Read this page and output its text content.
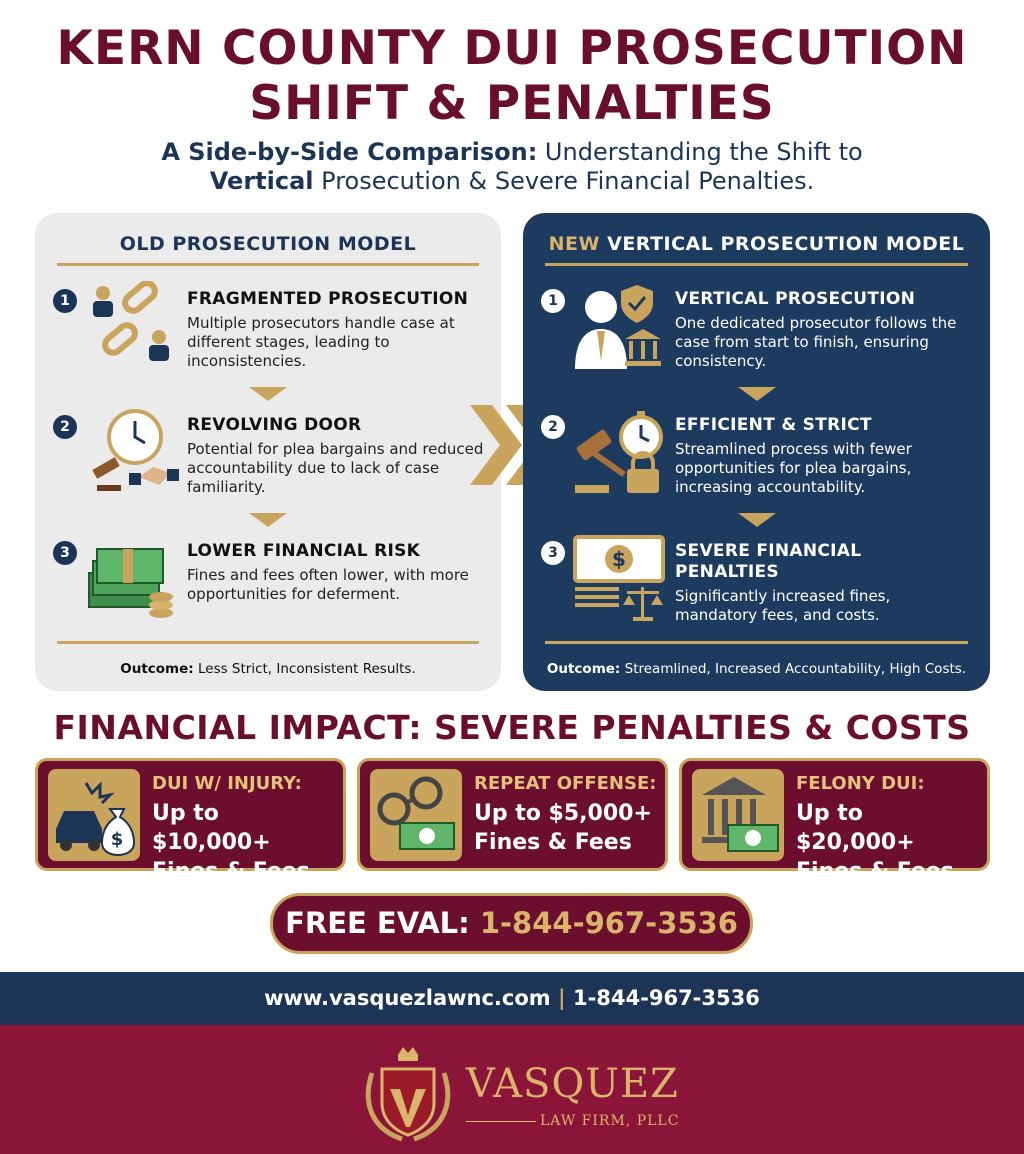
KERN COUNTY DUI PROSECUTION
SHIFT & PENALTIES
A Side-by-Side Comparison: Understanding the Shift to
Vertical Prosecution & Severe Financial Penalties.
OLD PROSECUTION MODEL
1	FRAGMENTED PROSECUTION
Multiple prosecutors handle case at different stages, leading to inconsistencies.
2	REVOLVING DOOR
Potential for plea bargains and reduced accountability due to lack of case familiarity.
3	LOWER FINANCIAL RISK
Fines and fees often lower, with more opportunities for deferment.
Outcome: Less Strict, Inconsistent Results.
NEW VERTICAL PROSECUTION MODEL
1	VERTICAL PROSECUTION
One dedicated prosecutor follows the case from start to finish, ensuring consistency.
2	EFFICIENT & STRICT
Streamlined process with fewer opportunities for plea bargains, increasing accountability.
3	$	SEVERE FINANCIAL PENALTIES
Significantly increased fines, mandatory fees, and costs.
Outcome: Streamlined, Increased Accountability, High Costs.
FINANCIAL IMPACT: SEVERE PENALTIES & COSTS
$
DUI W/ INJURY:
Up to $10,000+
Fines & Fees
REPEAT OFFENSE:
Up to $5,000+
Fines & Fees
FELONY DUI:
Up to $20,000+
Fines & Fees
FREE EVAL: 1-844-967-3536
www.vasquezlawnc.com | 1-844-967-3536
VASQUEZ
LAW FIRM, PLLC
